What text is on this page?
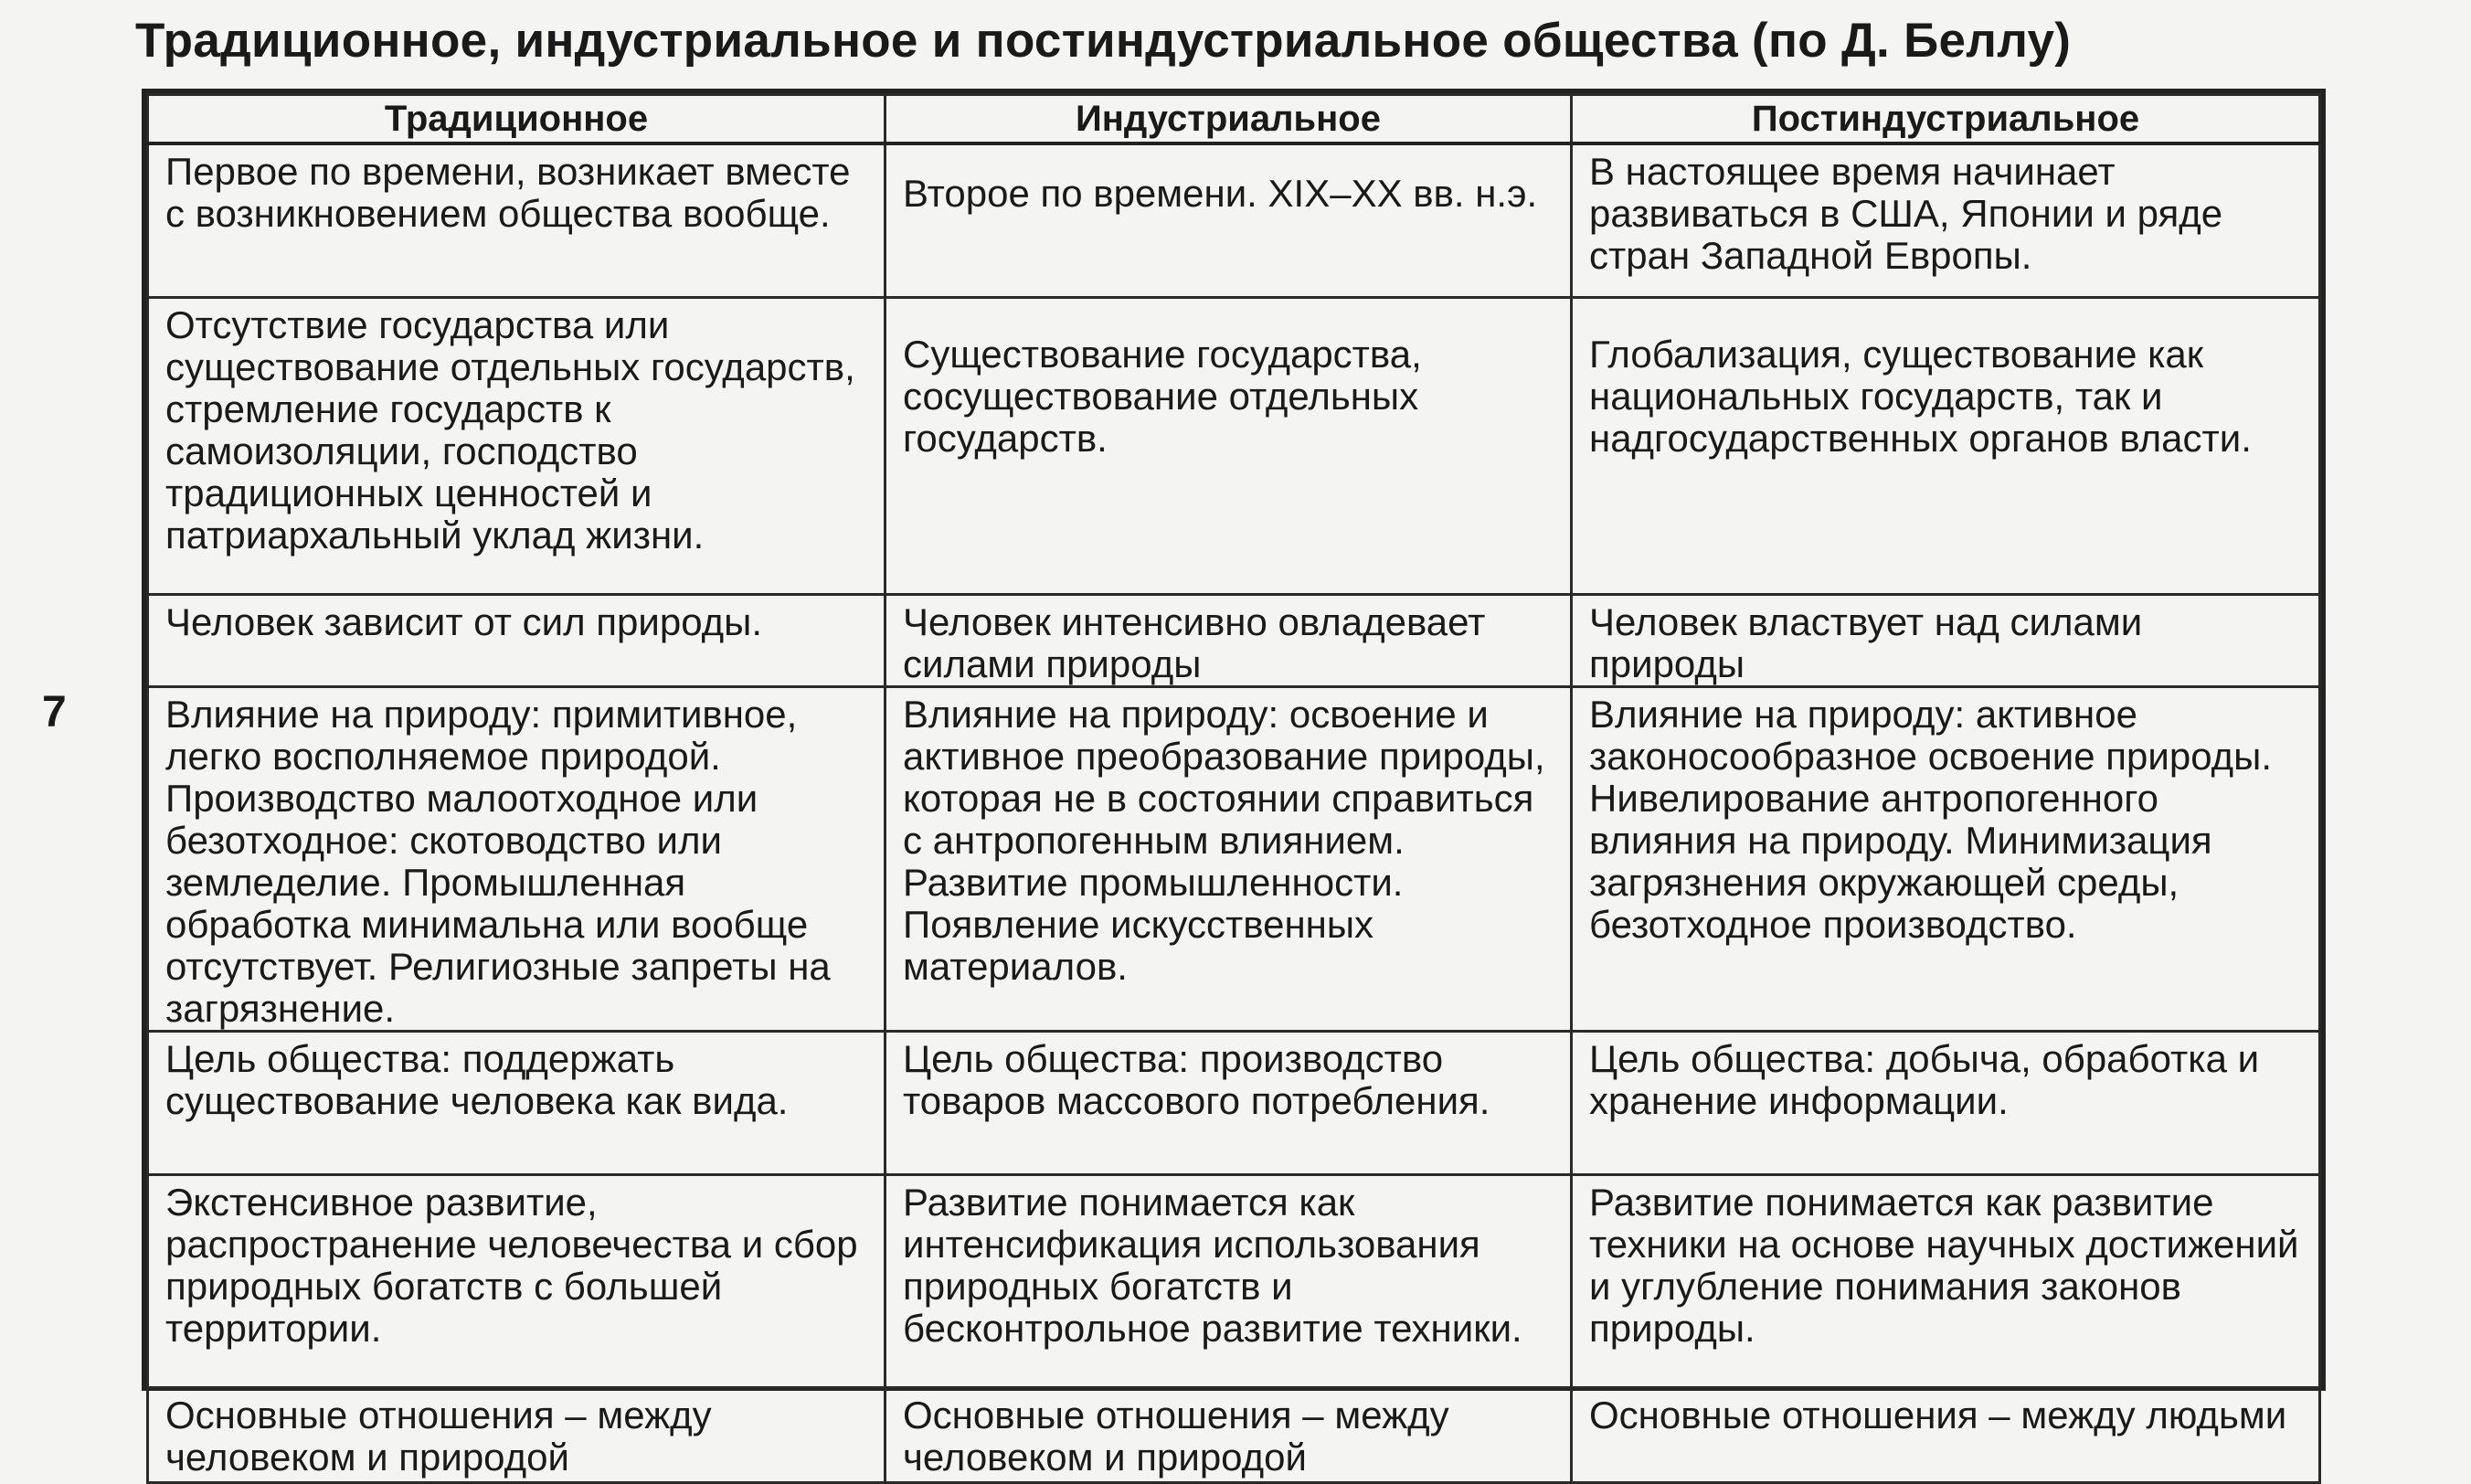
Традиционное, индустриальное и постиндустриальное общества (по Д. Беллу)
7
Традиционное	Индустриальное	Постиндустриальное
Первое по времени, возникает вместе с возникновением общества вообще.	Второе по времени. XIX–XX вв. н.э.	В настоящее время начинает развиваться в США, Японии и ряде стран Западной Европы.
Отсутствие государства или существование отдельных государств, стремление государств к самоизоляции, господство традиционных ценностей и патриархальный уклад жизни.	Существование государства, сосуществование отдельных государств.	Глобализация, существование как национальных государств, так и надгосударственных органов власти.
Человек зависит от сил природы.	Человек интенсивно овладевает силами природы	Человек властвует над силами природы
Влияние на природу: примитивное, легко восполняемое природой. Производство малоотходное или безотходное: скотоводство или земледелие. Промышленная обработка минимальна или вообще отсутствует. Религиозные запреты на загрязнение.	Влияние на природу: освоение и активное преобразование природы, которая не в состоянии справиться с антропогенным влиянием. Развитие промышленности. Появление искусственных материалов.	Влияние на природу: активное законосообразное освоение природы. Нивелирование антропогенного влияния на природу. Минимизация загрязнения окружающей среды, безотходное производство.
Цель общества: поддержать существование человека как вида.	Цель общества: производство товаров массового потребления.	Цель общества: добыча, обработка и хранение информации.
Экстенсивное развитие, распространение человечества и сбор природных богатств с большей территории.	Развитие понимается как интенсификация использования природных богатств и бесконтрольное развитие техники.	Развитие понимается как развитие техники на основе научных достижений и углубление понимания законов природы.
Основные отношения – между человеком и природой	Основные отношения – между человеком и природой	Основные отношения – между людьми
